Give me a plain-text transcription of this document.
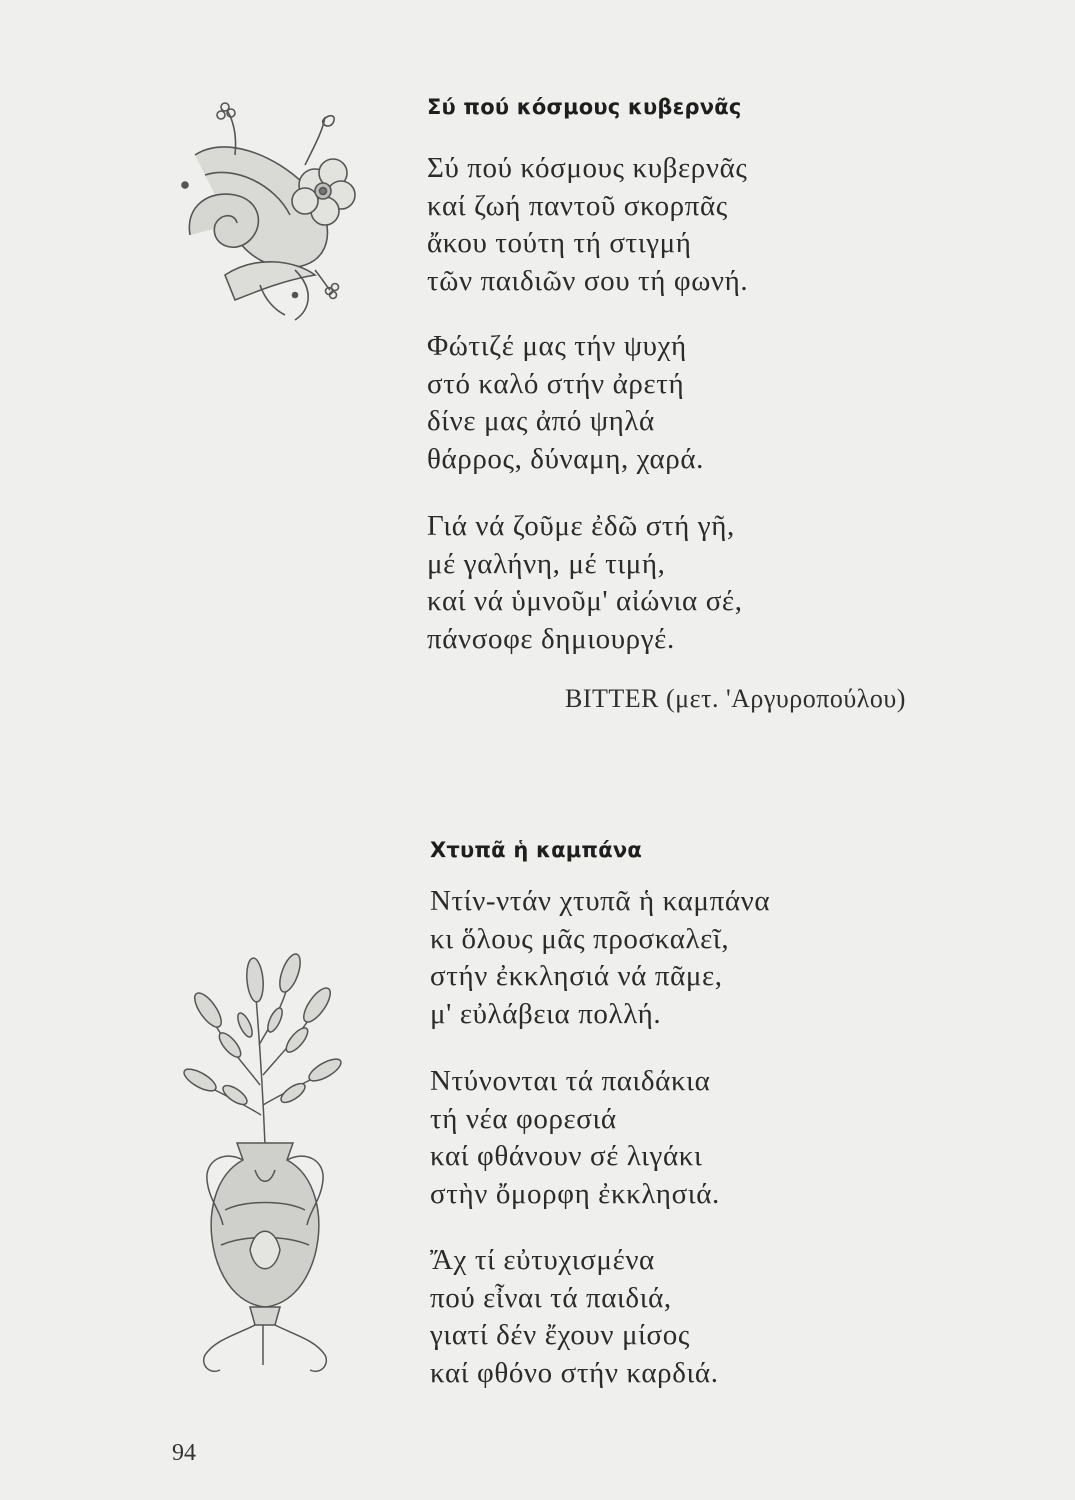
Σύ πού κόσμους κυβερνᾶς
Σύ πού κόσμους κυβερνᾶς
καί ζωή παντοῦ σκορπᾶς
ἄκου τούτη τή στιγμή
τῶν παιδιῶν σου τή φωνή.
Φώτιζέ μας τήν ψυχή
στό καλό στήν ἀρετή
δίνε μας ἀπό ψηλά
θάρρος, δύναμη, χαρά.
Γιά νά ζοῦμε ἐδῶ στή γῆ,
μέ γαλήνη, μέ τιμή,
καί νά ὑμνοῦμ' αἰώνια σέ,
πάνσοφε δημιουργέ.
BITTER (μετ. 'Αργυροπούλου)
Χτυπᾶ ἡ καμπάνα
Ντίν-ντάν χτυπᾶ ἡ καμπάνα
κι ὅλους μᾶς προσκαλεῖ,
στήν ἐκκλησιά νά πᾶμε,
μ' εὐλάβεια πολλή.
Ντύνονται τά παιδάκια
τή νέα φορεσιά
καί φθάνουν σέ λιγάκι
στὴν ὄμορφη ἐκκλησιά.
Ἄχ τί εὐτυχισμένα
πού εἶναι τά παιδιά,
γιατί δέν ἔχουν μίσος
καί φθόνο στήν καρδιά.
94
